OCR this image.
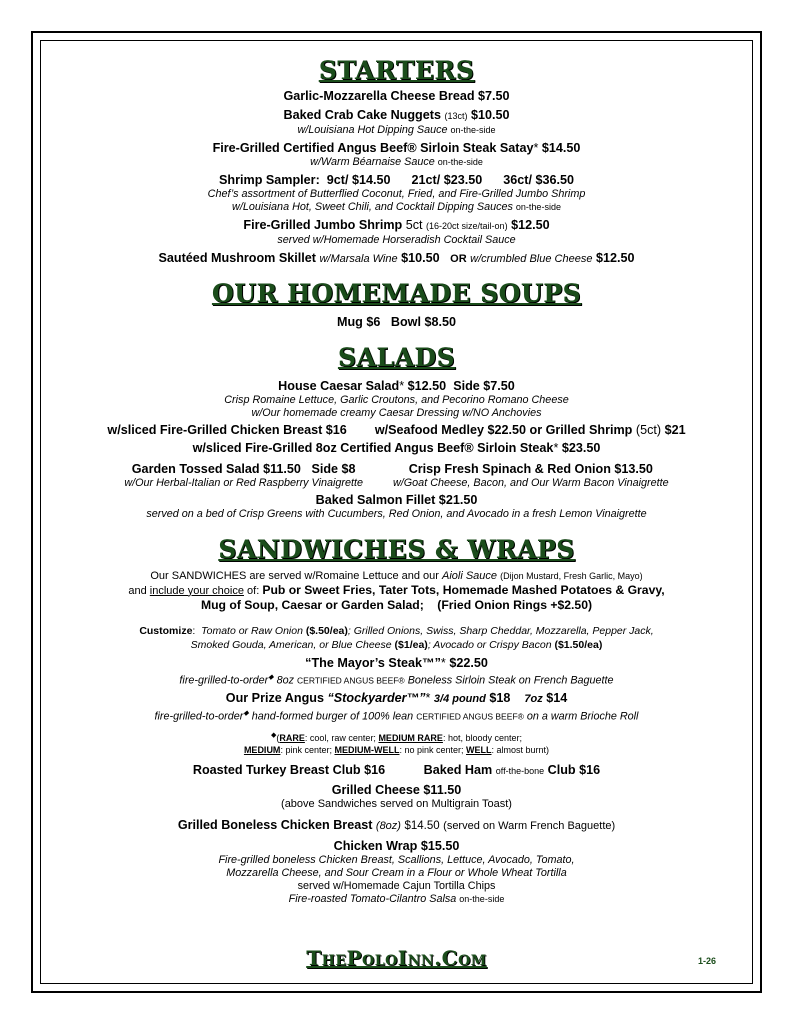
STARTERS
Garlic-Mozzarella Cheese Bread $7.50
Baked Crab Cake Nuggets (13ct) $10.50
w/Louisiana Hot Dipping Sauce on-the-side
Fire-Grilled Certified Angus Beef® Sirloin Steak Satay* $14.50
w/Warm Béarnaise Sauce on-the-side
Shrimp Sampler: 9ct/ $14.50 21ct/ $23.50 36ct/ $36.50
Chef’s assortment of Butterflied Coconut, Fried, and Fire-Grilled Jumbo Shrimp
w/Louisiana Hot, Sweet Chili, and Cocktail Dipping Sauces on-the-side
Fire-Grilled Jumbo Shrimp 5ct (16-20ct size/tail-on) $12.50
served w/Homemade Horseradish Cocktail Sauce
Sautéed Mushroom Skillet w/Marsala Wine $10.50 OR w/crumbled Blue Cheese $12.50
OUR HOMEMADE SOUPS
Mug $6   Bowl $8.50
SALADS
House Caesar Salad* $12.50 Side $7.50
Crisp Romaine Lettuce, Garlic Croutons, and Pecorino Romano Cheese
w/Our homemade creamy Caesar Dressing w/NO Anchovies
w/sliced Fire-Grilled Chicken Breast $16 w/Seafood Medley $22.50 or Grilled Shrimp (5ct) $21
w/sliced Fire-Grilled 8oz Certified Angus Beef® Sirloin Steak* $23.50
Garden Tossed Salad $11.50 Side $8
w/Our Herbal-Italian or Red Raspberry Vinaigrette
Crisp Fresh Spinach & Red Onion $13.50
w/Goat Cheese, Bacon, and Our Warm Bacon Vinaigrette
Baked Salmon Fillet $21.50
served on a bed of Crisp Greens with Cucumbers, Red Onion, and Avocado in a fresh Lemon Vinaigrette
SANDWICHES & WRAPS
Our SANDWICHES are served w/Romaine Lettuce and our Aioli Sauce (Dijon Mustard, Fresh Garlic, Mayo)
and include your choice of: Pub or Sweet Fries, Tater Tots, Homemade Mashed Potatoes & Gravy,
Mug of Soup, Caesar or Garden Salad;    (Fried Onion Rings +$2.50)
Customize:  Tomato or Raw Onion ($.50/ea); Grilled Onions, Swiss, Sharp Cheddar, Mozzarella, Pepper Jack,
Smoked Gouda, American, or Blue Cheese ($1/ea); Avocado or Crispy Bacon ($1.50/ea)
“The Mayor’s Steak™”* $22.50
fire-grilled-to-order◆ 8oz CERTIFIED ANGUS BEEF® Boneless Sirloin Steak on French Baguette
Our Prize Angus “Stockyarder™”* 3/4 pound $18 7oz $14
fire-grilled-to-order◆ hand-formed burger of 100% lean CERTIFIED ANGUS BEEF® on a warm Brioche Roll
◆(RARE: cool, raw center; MEDIUM RARE: hot, bloody center;
MEDIUM: pink center; MEDIUM-WELL: no pink center; WELL: almost burnt)
Roasted Turkey Breast Club $16	Baked Ham off-the-bone Club $16
Grilled Cheese $11.50
(above Sandwiches served on Multigrain Toast)
Grilled Boneless Chicken Breast (8oz) $14.50 (served on Warm French Baguette)
Chicken Wrap $15.50
Fire-grilled boneless Chicken Breast, Scallions, Lettuce, Avocado, Tomato,
Mozzarella Cheese, and Sour Cream in a Flour or Whole Wheat Tortilla
served w/Homemade Cajun Tortilla Chips
Fire-roasted Tomato-Cilantro Salsa on-the-side
ThePoloInn.Com	1-26
